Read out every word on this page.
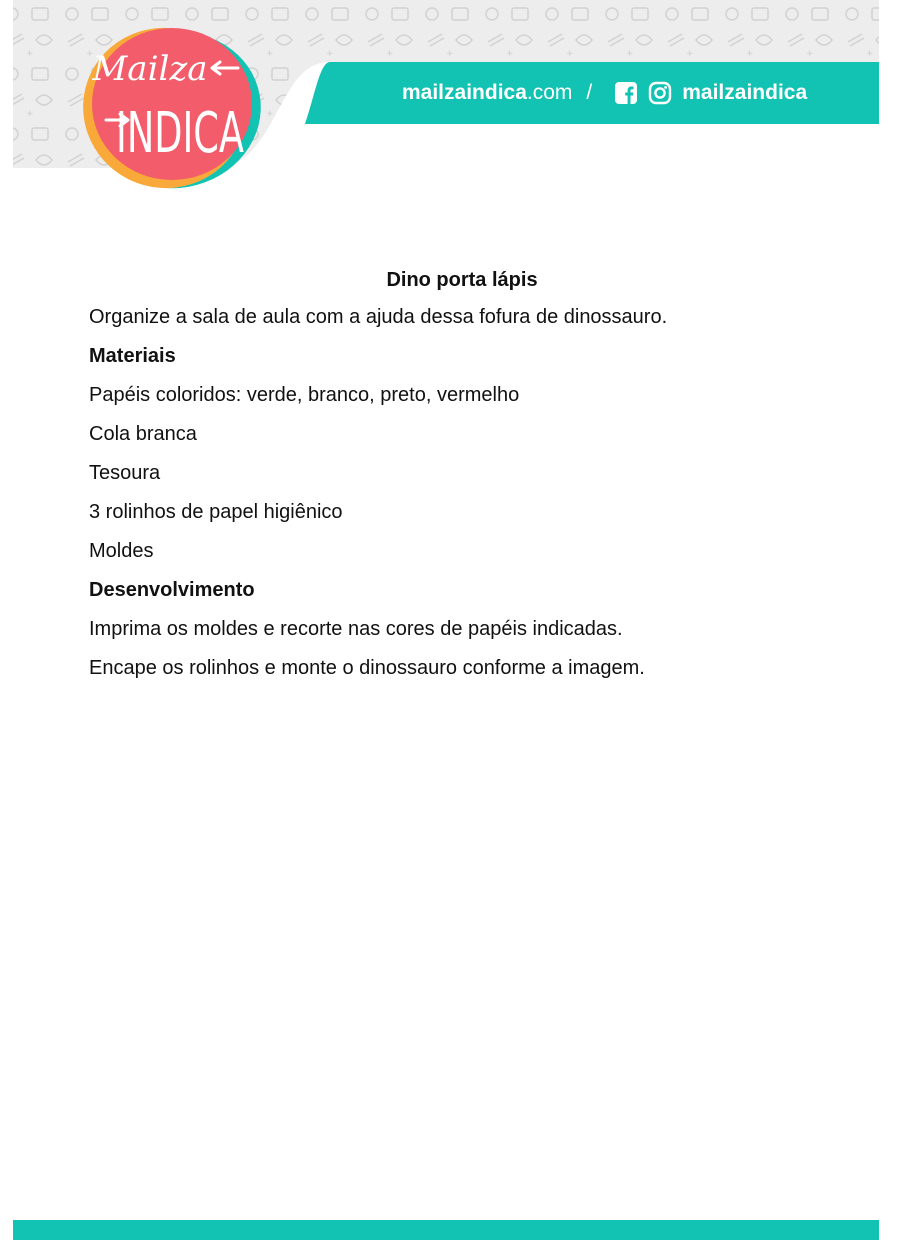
Mailza
INDICA
mailzaindica .com /	mailzaindica

Dino porta lápis

Organize a sala de aula com a ajuda dessa fofura de dinossauro.

Materiais

Papéis coloridos: verde, branco, preto, vermelho

Cola branca

Tesoura

3 rolinhos de papel higiênico

Moldes

Desenvolvimento

Imprima os moldes e recorte nas cores de papéis indicadas.

Encape os rolinhos e monte o dinossauro conforme a imagem.
